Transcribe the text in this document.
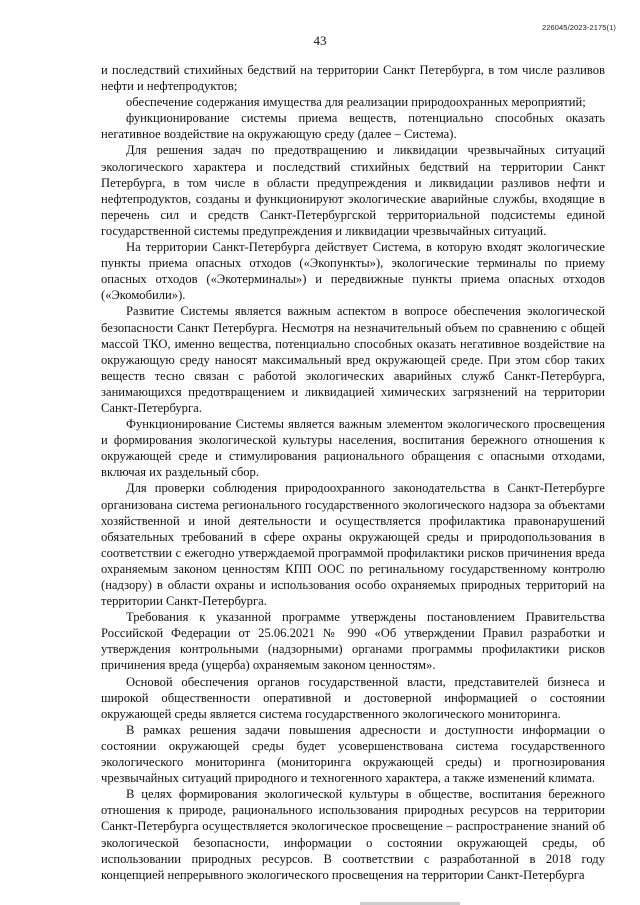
226045/2023-2175(1)
43

и последствий стихийных бедствий на территории Санкт Петербурга, в том числе разливов нефти и нефтепродуктов;

обеспечение содержания имущества для реализации природоохранных мероприятий;

функционирование системы приема веществ, потенциально способных оказать негативное воздействие на окружающую среду (далее – Система).

Для решения задач по предотвращению и ликвидации чрезвычайных ситуаций экологического характера и последствий стихийных бедствий на территории Санкт Петербурга, в том числе в области предупреждения и ликвидации разливов нефти и нефтепродуктов, созданы и функционируют экологические аварийные службы, входящие в перечень сил и средств Санкт-Петербургской территориальной подсистемы единой государственной системы предупреждения и ликвидации чрезвычайных ситуаций.

На территории Санкт-Петербурга действует Система, в которую входят экологические пункты приема опасных отходов («Экопункты»), экологические терминалы по приему опасных отходов («Экотерминалы») и передвижные пункты приема опасных отходов («Экомобили»).

Развитие Системы является важным аспектом в вопросе обеспечения экологической безопасности Санкт Петербурга. Несмотря на незначительный объем по сравнению с общей массой ТКО, именно вещества, потенциально способных оказать негативное воздействие на окружающую среду наносят максимальный вред окружающей среде. При этом сбор таких веществ тесно связан с работой экологических аварийных служб Санкт-Петербурга, занимающихся предотвращением и ликвидацией химических загрязнений на территории Санкт-Петербурга.

Функционирование Системы является важным элементом экологического просвещения и формирования экологической культуры населения, воспитания бережного отношения к окружающей среде и стимулирования рационального обращения с опасными отходами, включая их раздельный сбор.

Для проверки соблюдения природоохранного законодательства в Санкт-Петербурге организована система регионального государственного экологического надзора за объектами хозяйственной и иной деятельности и осуществляется профилактика правонарушений обязательных требований в сфере охраны окружающей среды и природопользования в соответствии с ежегодно утверждаемой программой профилактики рисков причинения вреда охраняемым законом ценностям КПП ООС по регинальному государственному контролю (надзору) в области охраны и использования особо охраняемых природных территорий на территории Санкт-Петербурга.

Требования к указанной программе утверждены постановлением Правительства Российской Федерации от 25.06.2021 № 990 «Об утверждении Правил разработки и утверждения контрольными (надзорными) органами программы профилактики рисков причинения вреда (ущерба) охраняемым законом ценностям».

Основой обеспечения органов государственной власти, представителей бизнеса и широкой общественности оперативной и достоверной информацией о состоянии окружающей среды является система государственного экологического мониторинга.

В рамках решения задачи повышения адресности и доступности информации о состоянии окружающей среды будет усовершенствована система государственного экологического мониторинга (мониторинга окружающей среды) и прогнозирования чрезвычайных ситуаций природного и техногенного характера, а также изменений климата.

В целях формирования экологической культуры в обществе, воспитания бережного отношения к природе, рационального использования природных ресурсов на территории Санкт-Петербурга осуществляется экологическое просвещение – распространение знаний об экологической безопасности, информации о состоянии окружающей среды, об использовании природных ресурсов. В соответствии с разработанной в 2018 году концепцией непрерывного экологического просвещения на территории Санкт-Петербурга
